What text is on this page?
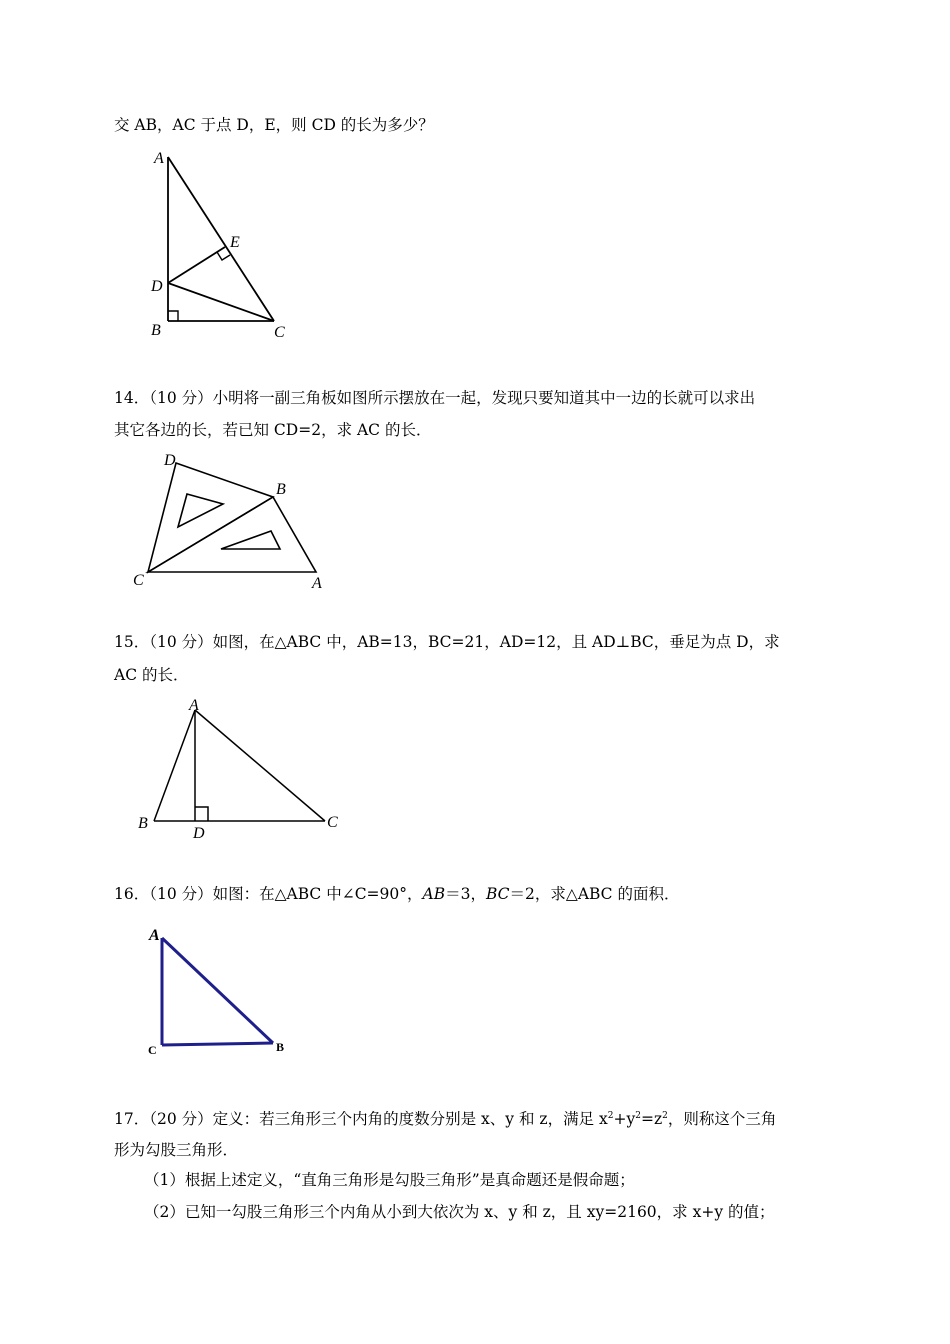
交 AB，AC 于点 D，E，则 CD 的长为多少？
A
E
D
B	C
14．（10 分）小明将一副三角板如图所示摆放在一起，发现只要知道其中一边的长就可以求出
其它各边的长，若已知 CD=2，求 AC 的长．
D
B
C	A
15．（10 分）如图，在△ABC 中，AB=13，BC=21，AD=12，且 AD⊥BC，垂足为点 D，求
AC 的长．
A
B
D
C
16．（10 分）如图：在△ABC 中∠C=90°，AB＝3，BC＝2，求△ABC 的面积．
A
C	B
17．（20 分）定义：若三角形三个内角的度数分别是 x、y 和 z，满足 $x^2+y^2=z^2$，则称这个三角
形为勾股三角形．
（1）根据上述定义，“直角三角形是勾股三角形”是真命题还是假命题；
（2）已知一勾股三角形三个内角从小到大依次为 x、y 和 z，且 xy=2160，求 x+y 的值；
